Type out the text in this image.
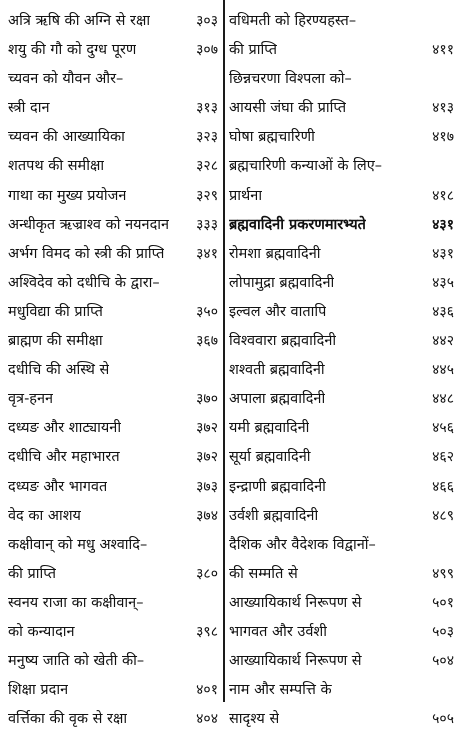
अत्रि ऋषि की अग्नि से रक्षा	३०३
शयु की गौ को दुग्ध पूरण	३०७
च्यवन को यौवन और–
स्त्री दान	३१३
च्यवन की आख्यायिका	३२३
शतपथ की समीक्षा	३२८
गाथा का मुख्य प्रयोजन	३२९
अन्धीकृत ऋज्राश्व को नयनदान ३३३
अर्भग विमद को स्त्री की प्राप्ति ३४१
अश्विदेव को दधीचि के द्वारा–
मधुविद्या की प्राप्ति	३५०
ब्राह्मण की समीक्षा	३६७
दधीचि की अस्थि से
वृत्र-हनन	३७०
दध्यङ और शाट्यायनी	३७२
दधीचि और महाभारत	३७२
दध्यङ और भागवत	३७३
वेद का आशय	३७४
कक्षीवान् को मधु अश्वादि–
की प्राप्ति	३८०
स्वनय राजा का कक्षीवान्–
को कन्यादान	३९८
मनुष्य जाति को खेती की–
शिक्षा प्रदान	४०१
वर्त्तिका की वृक से रक्षा	४०४
वधिमती को हिरण्यहस्त–
की प्राप्ति	४११
छिन्नचरणा विश्पला को–
आयसी जंघा की प्राप्ति	४१३
घोषा ब्रह्मचारिणी	४१७
ब्रह्मचारिणी कन्याओं के लिए–
प्रार्थना	४१८
ब्रह्मवादिनी प्रकरणमारभ्यते	४३१
रोमशा ब्रह्मवादिनी	४३१
लोपामुद्रा ब्रह्मवादिनी	४३५
इल्वल और वातापि	४३६
विश्ववारा ब्रह्मवादिनी	४४२
शश्वती ब्रह्मवादिनी	४४५
अपाला ब्रह्मवादिनी	४४८
यमी ब्रह्मवादिनी	४५६
सूर्या ब्रह्मवादिनी	४६२
इन्द्राणी ब्रह्मवादिनी	४६६
उर्वशी ब्रह्मवादिनी	४८९
दैशिक और वैदेशक विद्वानों–
की सम्मति से	४९९
आख्यायिकार्थ निरूपण से	५०१
भागवत और उर्वशी	५०३
आख्यायिकार्थ निरूपण से	५०४
नाम और सम्पत्ति के
सादृश्य से	५०५
